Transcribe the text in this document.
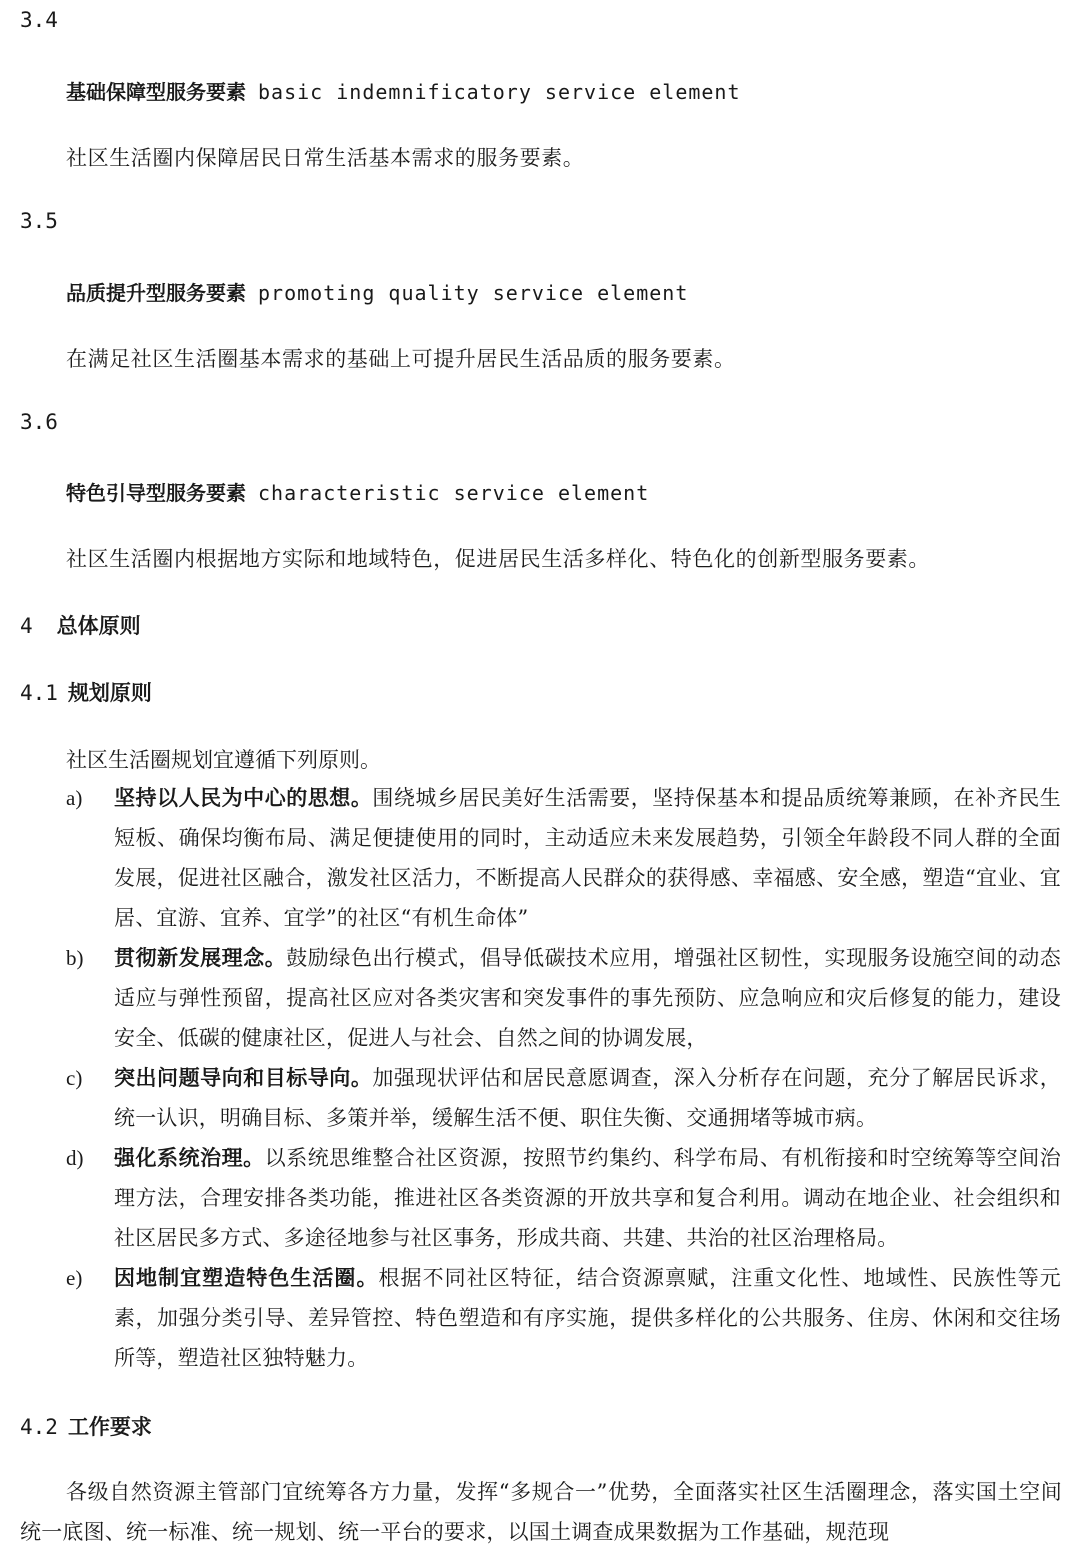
3.4
基础保障型服务要素 basic indemnificatory service element
社区生活圈内保障居民日常生活基本需求的服务要素。
3.5
品质提升型服务要素 promoting quality service element
在满足社区生活圈基本需求的基础上可提升居民生活品质的服务要素。
3.6
特色引导型服务要素 characteristic service element
社区生活圈内根据地方实际和地域特色，促进居民生活多样化、特色化的创新型服务要素。
4 总体原则
4.1 规划原则
社区生活圈规划宜遵循下列原则。
a)	坚持以人民为中心的思想。围绕城乡居民美好生活需要，坚持保基本和提品质统筹兼顾，在补齐民生短板、确保均衡布局、满足便捷使用的同时，主动适应未来发展趋势，引领全年龄段不同人群的全面发展，促进社区融合，激发社区活力，不断提高人民群众的获得感、幸福感、安全感，塑造“宜业、宜居、宜游、宜养、宜学”的社区“有机生命体”
b)	贯彻新发展理念。鼓励绿色出行模式，倡导低碳技术应用，增强社区韧性，实现服务设施空间的动态适应与弹性预留，提高社区应对各类灾害和突发事件的事先预防、应急响应和灾后修复的能力，建设安全、低碳的健康社区，促进人与社会、自然之间的协调发展，
c)	突出问题导向和目标导向。加强现状评估和居民意愿调查，深入分析存在问题，充分了解居民诉求，统一认识，明确目标、多策并举，缓解生活不便、职住失衡、交通拥堵等城市病。
d)	强化系统治理。以系统思维整合社区资源，按照节约集约、科学布局、有机衔接和时空统筹等空间治理方法，合理安排各类功能，推进社区各类资源的开放共享和复合利用。调动在地企业、社会组织和社区居民多方式、多途径地参与社区事务，形成共商、共建、共治的社区治理格局。
e)	因地制宜塑造特色生活圈。根据不同社区特征，结合资源禀赋，注重文化性、地域性、民族性等元素，加强分类引导、差异管控、特色塑造和有序实施，提供多样化的公共服务、住房、休闲和交往场所等，塑造社区独特魅力。
4.2 工作要求
各级自然资源主管部门宜统筹各方力量，发挥“多规合一”优势，全面落实社区生活圈理念，落实国土空间统一底图、统一标准、统一规划、统一平台的要求，以国土调查成果数据为工作基础，规范现
